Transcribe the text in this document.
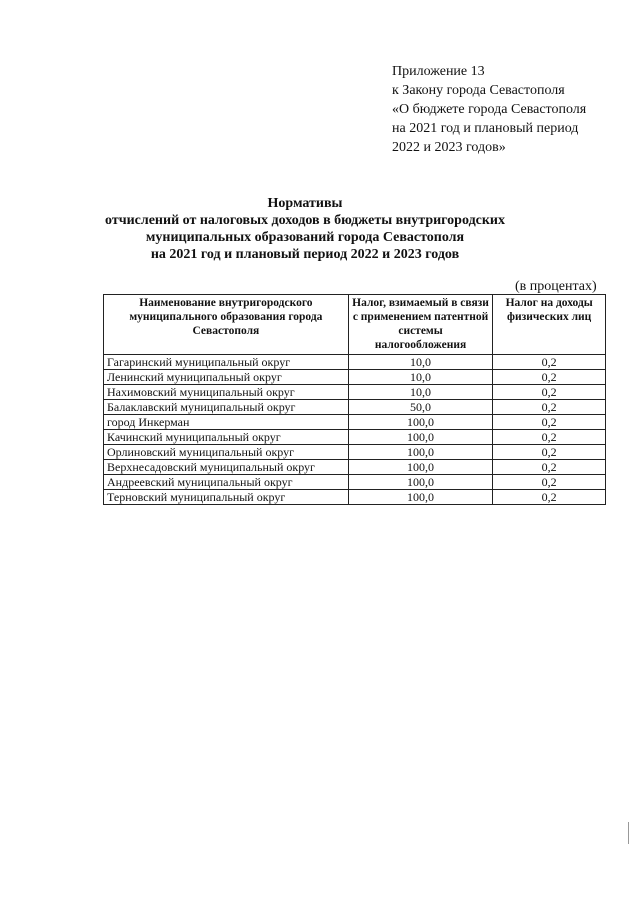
Приложение 13
к Закону города Севастополя
«О бюджете города Севастополя
на 2021 год и плановый период
2022 и 2023 годов»
Нормативы
отчислений от налоговых доходов в бюджеты внутригородских
муниципальных образований города Севастополя
на 2021 год и плановый период 2022 и 2023 годов
(в процентах)
Наименование внутригородского муниципального образования города Севастополя	Налог, взимаемый в связи с применением патентной системы налогообложения	Налог на доходы физических лиц
Гагаринский муниципальный округ	10,0	0,2
Ленинский муниципальный округ	10,0	0,2
Нахимовский муниципальный округ	10,0	0,2
Балаклавский муниципальный округ	50,0	0,2
город Инкерман	100,0	0,2
Качинский муниципальный округ	100,0	0,2
Орлиновский муниципальный округ	100,0	0,2
Верхнесадовский муниципальный округ	100,0	0,2
Андреевский муниципальный округ	100,0	0,2
Терновский муниципальный округ	100,0	0,2
